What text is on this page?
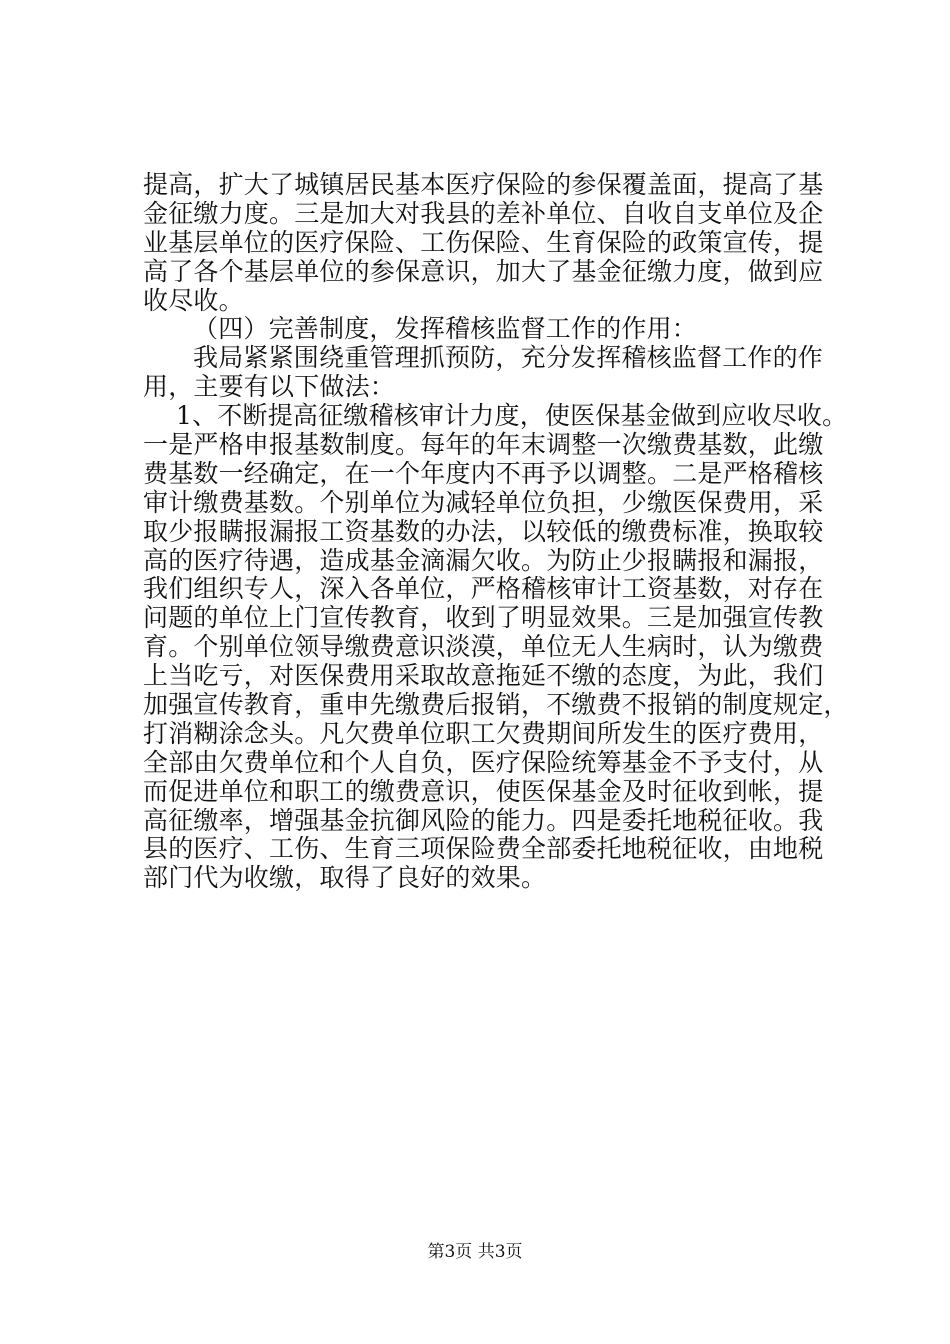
提高，扩大了城镇居民基本医疗保险的参保覆盖面，提高了基
金征缴力度。三是加大对我县的差补单位、自收自支单位及企
业基层单位的医疗保险、工伤保险、生育保险的政策宣传，提
高了各个基层单位的参保意识，加大了基金征缴力度，做到应
收尽收。
（四）完善制度，发挥稽核监督工作的作用：
我局紧紧围绕重管理抓预防，充分发挥稽核监督工作的作
用，主要有以下做法：
1、不断提高征缴稽核审计力度，使医保基金做到应收尽收。
一是严格申报基数制度。每年的年末调整一次缴费基数，此缴
费基数一经确定，在一个年度内不再予以调整。二是严格稽核
审计缴费基数。个别单位为减轻单位负担，少缴医保费用，采
取少报瞒报漏报工资基数的办法，以较低的缴费标准，换取较
高的医疗待遇，造成基金滴漏欠收。为防止少报瞒报和漏报，
我们组织专人，深入各单位，严格稽核审计工资基数，对存在
问题的单位上门宣传教育，收到了明显效果。三是加强宣传教
育。个别单位领导缴费意识淡漠，单位无人生病时，认为缴费
上当吃亏，对医保费用采取故意拖延不缴的态度，为此，我们
加强宣传教育，重申先缴费后报销，不缴费不报销的制度规定，
打消糊涂念头。凡欠费单位职工欠费期间所发生的医疗费用，
全部由欠费单位和个人自负，医疗保险统筹基金不予支付，从
而促进单位和职工的缴费意识，使医保基金及时征收到帐，提
高征缴率，增强基金抗御风险的能力。四是委托地税征收。我
县的医疗、工伤、生育三项保险费全部委托地税征收，由地税
部门代为收缴，取得了良好的效果。
第3页 共3页
